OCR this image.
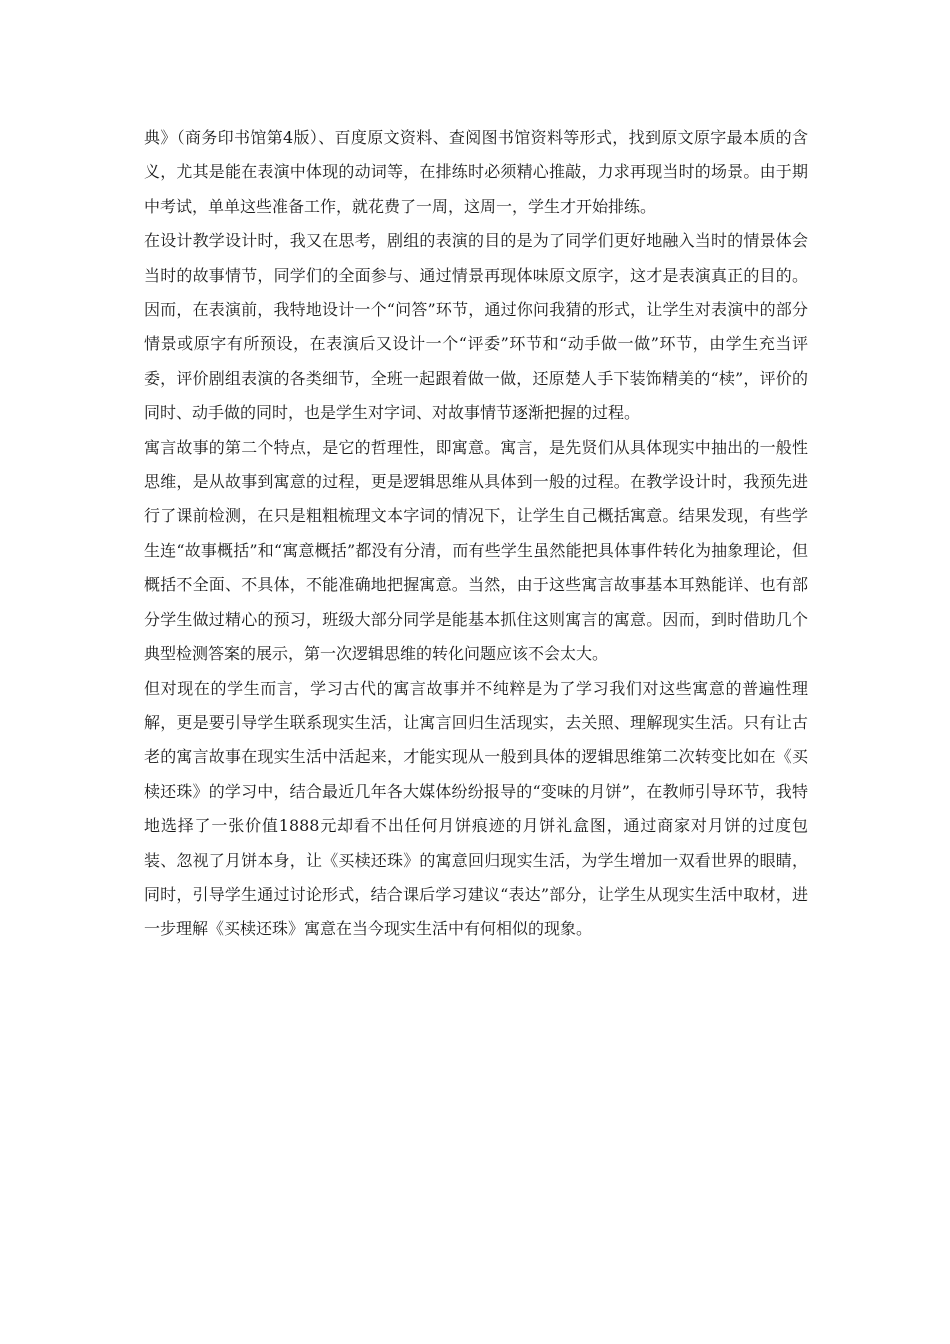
典》（商务印书馆第4版）、百度原文资料、查阅图书馆资料等形式，找到原文原字最本质的含义，尤其是能在表演中体现的动词等，在排练时必须精心推敲，力求再现当时的场景。由于期中考试，单单这些准备工作，就花费了一周，这周一，学生才开始排练。

在设计教学设计时，我又在思考，剧组的表演的目的是为了同学们更好地融入当时的情景体会当时的故事情节，同学们的全面参与、通过情景再现体味原文原字，这才是表演真正的目的。因而，在表演前，我特地设计一个“问答”环节，通过你问我猜的形式，让学生对表演中的部分情景或原字有所预设，在表演后又设计一个“评委”环节和“动手做一做”环节，由学生充当评委，评价剧组表演的各类细节，全班一起跟着做一做，还原楚人手下装饰精美的“椟”，评价的同时、动手做的同时，也是学生对字词、对故事情节逐渐把握的过程。

寓言故事的第二个特点，是它的哲理性，即寓意。寓言，是先贤们从具体现实中抽出的一般性思维，是从故事到寓意的过程，更是逻辑思维从具体到一般的过程。在教学设计时，我预先进行了课前检测，在只是粗粗梳理文本字词的情况下，让学生自己概括寓意。结果发现，有些学生连“故事概括”和“寓意概括”都没有分清，而有些学生虽然能把具体事件转化为抽象理论，但概括不全面、不具体，不能准确地把握寓意。当然，由于这些寓言故事基本耳熟能详、也有部分学生做过精心的预习，班级大部分同学是能基本抓住这则寓言的寓意。因而，到时借助几个典型检测答案的展示，第一次逻辑思维的转化问题应该不会太大。

但对现在的学生而言，学习古代的寓言故事并不纯粹是为了学习我们对这些寓意的普遍性理解，更是要引导学生联系现实生活，让寓言回归生活现实，去关照、理解现实生活。只有让古老的寓言故事在现实生活中活起来，才能实现从一般到具体的逻辑思维第二次转变比如在《买椟还珠》的学习中，结合最近几年各大媒体纷纷报导的“变味的月饼”，在教师引导环节，我特地选择了一张价值1888元却看不出任何月饼痕迹的月饼礼盒图，通过商家对月饼的过度包装、忽视了月饼本身，让《买椟还珠》的寓意回归现实生活，为学生增加一双看世界的眼睛，同时，引导学生通过讨论形式，结合课后学习建议“表达”部分，让学生从现实生活中取材，进一步理解《买椟还珠》寓意在当今现实生活中有何相似的现象。
